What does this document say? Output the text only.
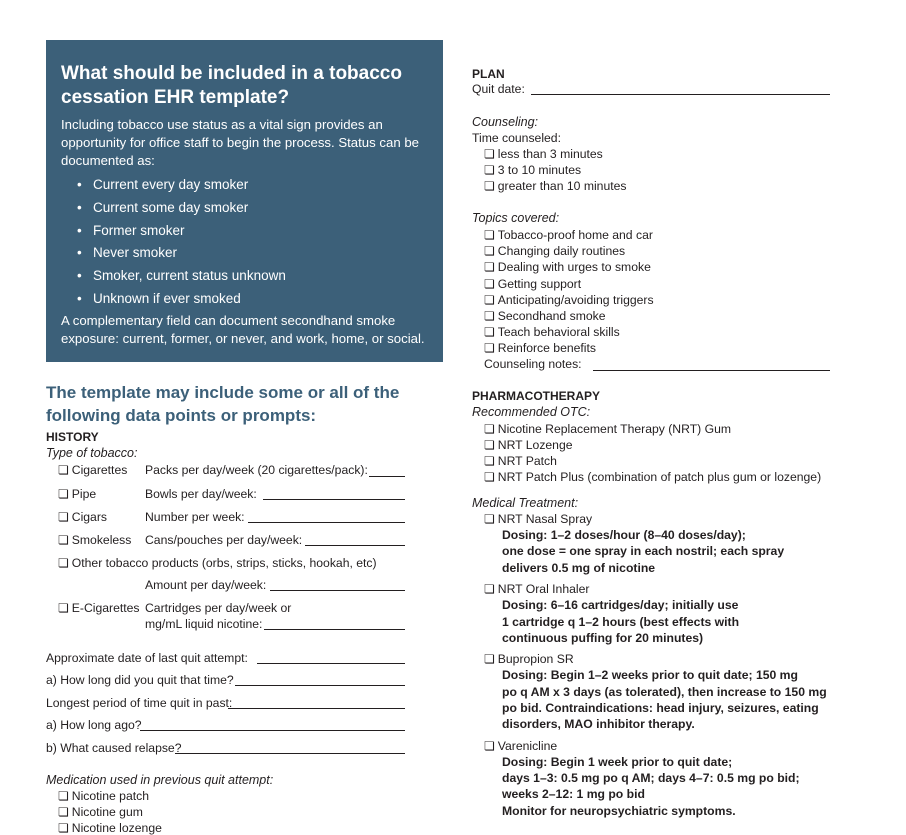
What should be included in a tobacco cessation EHR template?

Including tobacco use status as a vital sign provides an opportunity for office staff to begin the process. Status can be documented as:

• Current every day smoker
• Current some day smoker
• Former smoker
• Never smoker
• Smoker, current status unknown
• Unknown if ever smoked

A complementary field can document secondhand smoke exposure: current, former, or never, and work, home, or social.

The template may include some or all of the following data points or prompts:
HISTORY
Type of tobacco:
❏ Cigarettes Packs per day/week (20 cigarettes/pack):
❏ Pipe	Bowls per day/week:
❏ Cigars	Number per week:
❏ Smokeless Cans/pouches per day/week:
❏ Other tobacco products (orbs, strips, sticks, hookah, etc)
Amount per day/week:
❏ E-Cigarettes Cartridges per day/week or
mg/mL liquid nicotine:
Approximate date of last quit attempt:
a) How long did you quit that time?
Longest period of time quit in past:
a) How long ago?
b) What caused relapse?
Medication used in previous quit attempt:
❏ Nicotine patch
❏ Nicotine gum
❏ Nicotine lozenge
PLAN
Quit date:
Counseling:
Time counseled:
❏ less than 3 minutes
❏ 3 to 10 minutes
❏ greater than 10 minutes
Topics covered:
❏ Tobacco-proof home and car
❏ Changing daily routines
❏ Dealing with urges to smoke
❏ Getting support
❏ Anticipating/avoiding triggers
❏ Secondhand smoke
❏ Teach behavioral skills
❏ Reinforce benefits
Counseling notes:
PHARMACOTHERAPY
Recommended OTC:
❏ Nicotine Replacement Therapy (NRT) Gum
❏ NRT Lozenge
❏ NRT Patch
❏ NRT Patch Plus (combination of patch plus gum or lozenge)
Medical Treatment:
❏ NRT Nasal Spray
Dosing: 1–2 doses/hour (8–40 doses/day);
one dose = one spray in each nostril; each spray
delivers 0.5 mg of nicotine
❏ NRT Oral Inhaler
Dosing: 6–16 cartridges/day; initially use
1 cartridge q 1–2 hours (best effects with
continuous puffing for 20 minutes)
❏ Bupropion SR
Dosing: Begin 1–2 weeks prior to quit date; 150 mg
po q AM x 3 days (as tolerated), then increase to 150 mg
po bid. Contraindications: head injury, seizures, eating
disorders, MAO inhibitor therapy.
❏ Varenicline
Dosing: Begin 1 week prior to quit date;
days 1–3: 0.5 mg po q AM; days 4–7: 0.5 mg po bid;
weeks 2–12: 1 mg po bid
Monitor for neuropsychiatric symptoms.
